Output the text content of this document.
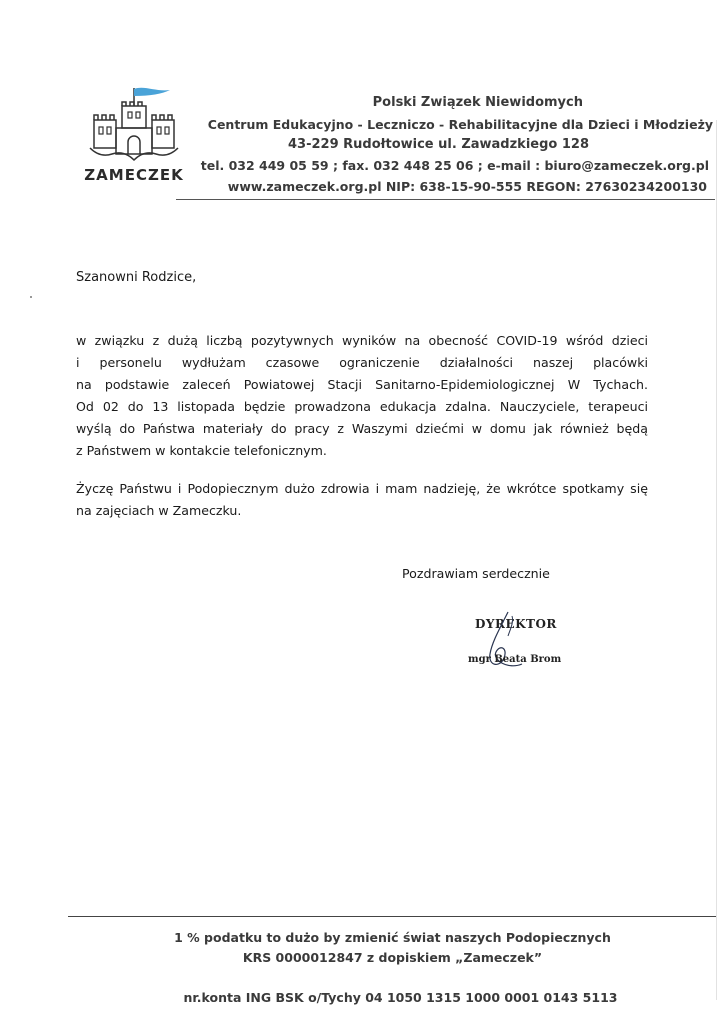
ZAMECZEK
Polski Związek Niewidomych
Centrum Edukacyjno - Leczniczo - Rehabilitacyjne dla Dzieci i Młodzieży
43-229 Rudołtowice ul. Zawadzkiego 128
tel. 032 449 05 59 ; fax. 032 448 25 06 ; e-mail : biuro@zameczek.org.pl
www.zameczek.org.pl NIP: 638-15-90-555 REGON: 27630234200130
Szanowni Rodzice,
w związku z dużą liczbą pozytywnych wyników na obecność COVID-19 wśród dzieci
i personelu wydłużam czasowe ograniczenie działalności naszej placówki
na podstawie zaleceń Powiatowej Stacji Sanitarno-Epidemiologicznej W Tychach.
Od 02 do 13 listopada będzie prowadzona edukacja zdalna. Nauczyciele, terapeuci
wyślą do Państwa materiały do pracy z Waszymi dziećmi w domu jak również będą
z Państwem w kontakcie telefonicznym.
Życzę Państwu i Podopiecznym dużo zdrowia i mam nadzieję, że wkrótce spotkamy się
na zajęciach w Zameczku.
Pozdrawiam serdecznie
DYREKTOR
mgr Beata Brom
1 % podatku to dużo by zmienić świat naszych Podopiecznych
KRS 0000012847 z dopiskiem „Zameczek”
nr.konta ING BSK o/Tychy 04 1050 1315 1000 0001 0143 5113
